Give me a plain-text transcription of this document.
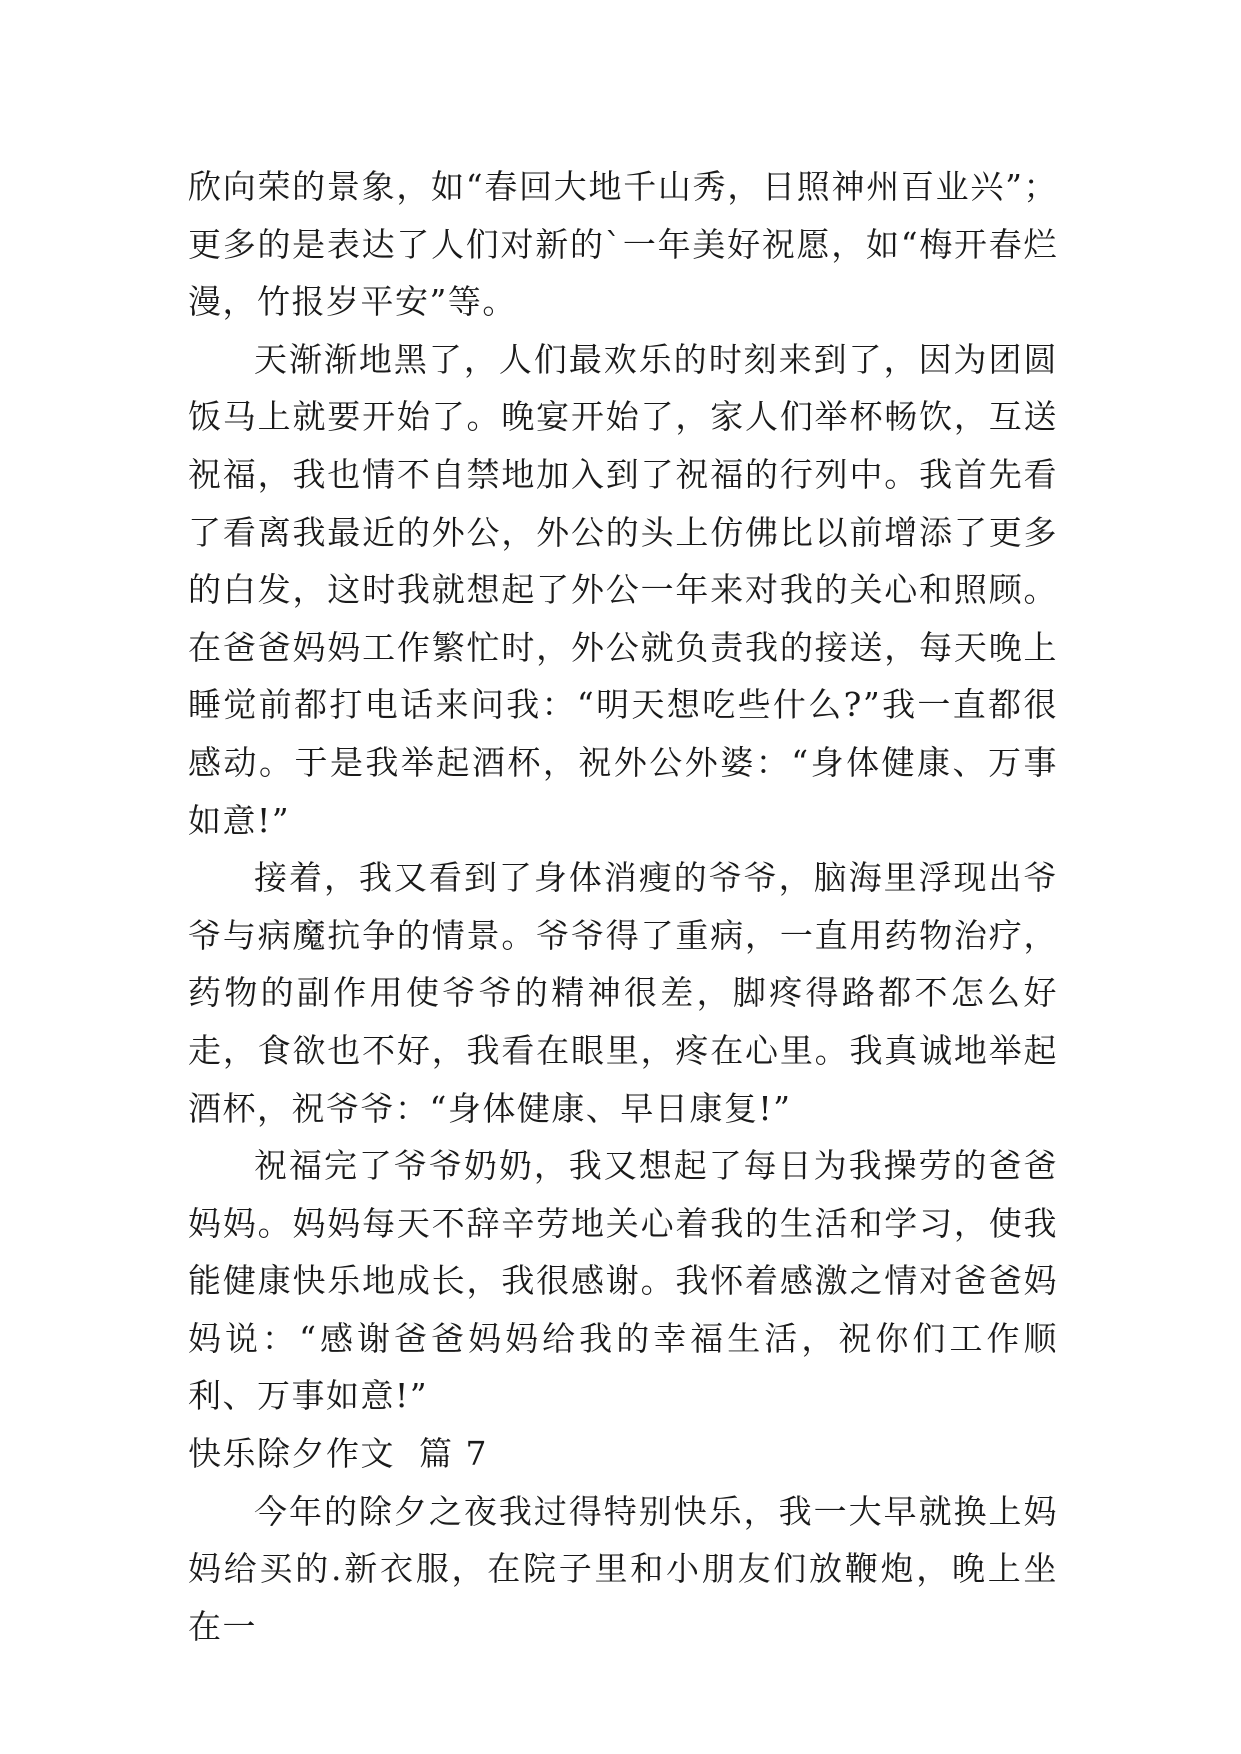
欣向荣的景象，如“春回大地千山秀，日照神州百业兴”；更多的是表达了人们对新的`一年美好祝愿，如“梅开春烂漫，竹报岁平安”等。

天渐渐地黑了，人们最欢乐的时刻来到了，因为团圆饭马上就要开始了。晚宴开始了，家人们举杯畅饮，互送祝福，我也情不自禁地加入到了祝福的行列中。我首先看了看离我最近的外公，外公的头上仿佛比以前增添了更多的白发，这时我就想起了外公一年来对我的关心和照顾。在爸爸妈妈工作繁忙时，外公就负责我的接送，每天晚上睡觉前都打电话来问我：“明天想吃些什么?”我一直都很感动。于是我举起酒杯，祝外公外婆：“身体健康、万事如意!”

接着，我又看到了身体消瘦的爷爷，脑海里浮现出爷爷与病魔抗争的情景。爷爷得了重病，一直用药物治疗，药物的副作用使爷爷的精神很差，脚疼得路都不怎么好走，食欲也不好，我看在眼里，疼在心里。我真诚地举起酒杯，祝爷爷：“身体健康、早日康复!”

祝福完了爷爷奶奶，我又想起了每日为我操劳的爸爸妈妈。妈妈每天不辞辛劳地关心着我的生活和学习，使我能健康快乐地成长，我很感谢。我怀着感激之情对爸爸妈妈说：“感谢爸爸妈妈给我的幸福生活，祝你们工作顺利、万事如意!”

快乐除夕作文  篇 7

今年的除夕之夜我过得特别快乐，我一大早就换上妈妈给买的.新衣服，在院子里和小朋友们放鞭炮，晚上坐在一
